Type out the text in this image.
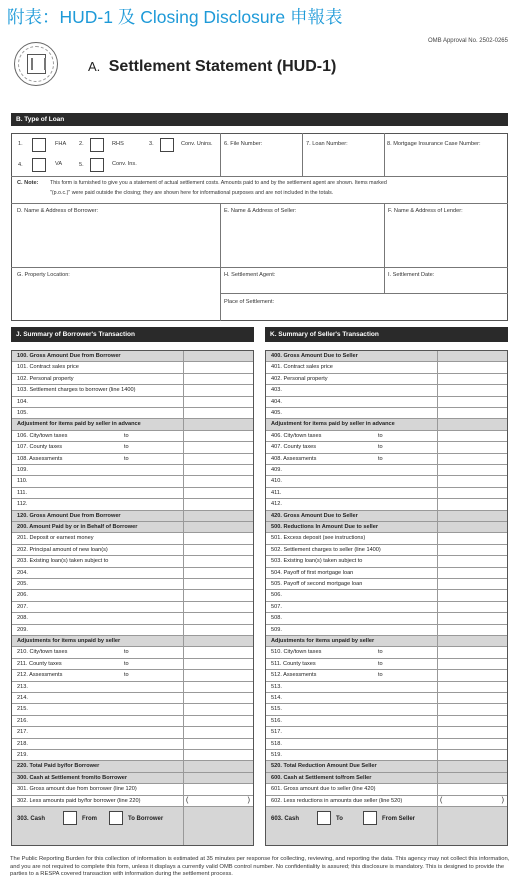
附表：HUD-1 及 Closing Disclosure 申報表
OMB Approval No. 2502-0265
A. Settlement Statement (HUD-1)
B. Type of Loan
1.	FHA 2.	RHS	3.	Conv. Unins.
4.	VA	5.	Conv. Ins.
6. File Number:	7. Loan Number:	8. Mortgage Insurance Case Number:
C. Note: This form is furnished to give you a statement of actual settlement costs. Amounts paid to and by the settlement agent are shown. Items marked
"(p.o.c.)" were paid outside the closing; they are shown here for informational purposes and are not included in the totals.
D. Name & Address of Borrower:	E. Name & Address of Seller:	F. Name & Address of Lender:
G. Property Location:	H. Settlement Agent:	I. Settlement Date:
Place of Settlement:
J. Summary of Borrower's Transaction	K. Summary of Seller's Transaction
100. Gross Amount Due from Borrower
101. Contract sales price
102. Personal property
103. Settlement charges to borrower (line 1400)
104.
105.
Adjustment for items paid by seller in advance
106. City/town taxes	to
107. County taxes	to
108. Assessments	to
109.
110.
111.
112.
120. Gross Amount Due from Borrower
200. Amount Paid by or in Behalf of Borrower
201. Deposit or earnest money
202. Principal amount of new loan(s)
203. Existing loan(s) taken subject to
204.
205.
206.
207.
208.
209.
Adjustments for items unpaid by seller
210. City/town taxes	to
211. County taxes	to
212. Assessments	to
213.
214.
215.
216.
217.
218.
219.
220. Total Paid by/for Borrower
300. Cash at Settlement from/to Borrower
301. Gross amount due from borrower (line 120)
302. Less amounts paid by/for borrower (line 220)
( )
303. Cash	From	To Borrower
400. Gross Amount Due to Seller
401. Contract sales price
402. Personal property
403.
404.
405.
Adjustment for items paid by seller in advance
406. City/town taxes	to
407. County taxes	to
408. Assessments	to
409.
410.
411.
412.
420. Gross Amount Due to Seller
500. Reductions In Amount Due to seller
501. Excess deposit (see instructions)
502. Settlement charges to seller (line 1400)
503. Existing loan(s) taken subject to
504. Payoff of first mortgage loan
505. Payoff of second mortgage loan
506.
507.
508.
509.
Adjustments for items unpaid by seller
510. City/town taxes	to
511. County taxes	to
512. Assessments	to
513.
514.
515.
516.
517.
518.
519.
520. Total Reduction Amount Due Seller
600. Cash at Settlement to/from Seller
601. Gross amount due to seller (line 420)
602. Less reductions in amounts due seller (line 520)
( )
603. Cash	To	From Seller
The Public Reporting Burden for this collection of information is estimated at 35 minutes per response for collecting, reviewing, and reporting the data. This agency may not collect this information, and you are not required to complete this form, unless it displays a currently valid OMB control number. No confidentiality is assured; this disclosure is mandatory. This is designed to provide the parties to a RESPA covered transaction with information during the settlement process.
